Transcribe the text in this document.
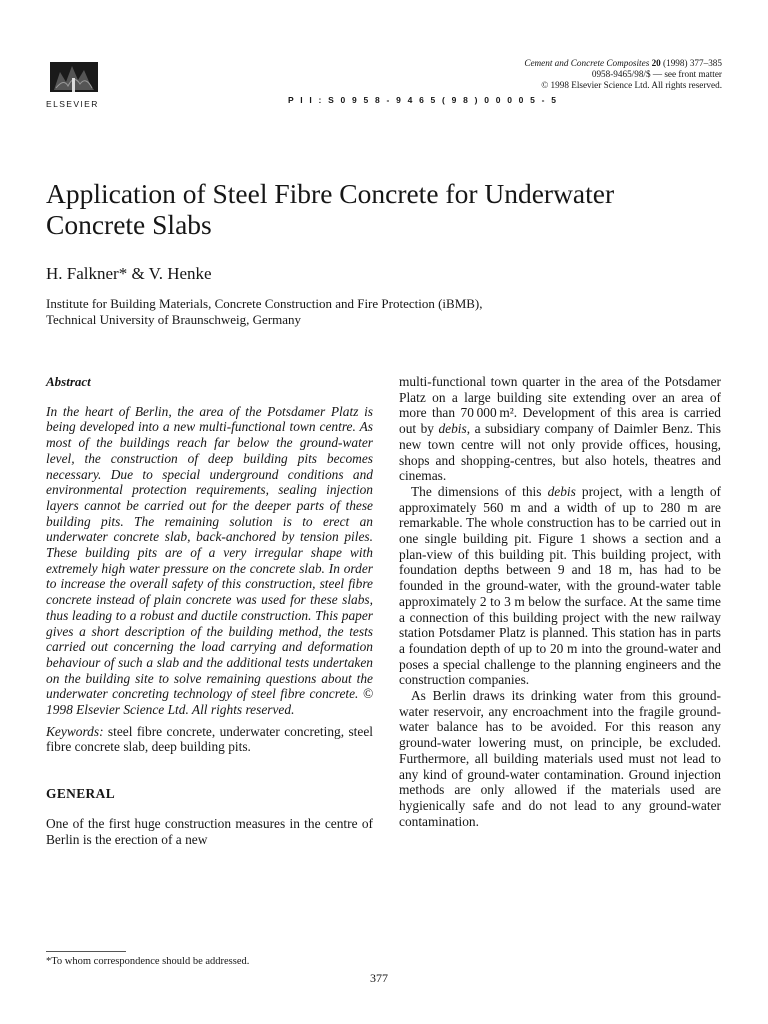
ELSEVIER	P I I : S 0 9 5 8 - 9 4 6 5 ( 9 8 ) 0 0 0 0 5 - 5
Cement and Concrete Composites 20 (1998) 377–385
0958-9465/98/$ — see front matter
© 1998 Elsevier Science Ltd. All rights reserved.
Application of Steel Fibre Concrete for Underwater Concrete Slabs
H. Falkner* & V. Henke
Institute for Building Materials, Concrete Construction and Fire Protection (iBMB),
Technical University of Braunschweig, Germany
Abstract
In the heart of Berlin, the area of the Potsdamer Platz is being developed into a new multi-functional town centre. As most of the buildings reach far below the ground-water level, the construction of deep building pits becomes necessary. Due to special underground conditions and environmental protection requirements, sealing injection layers cannot be carried out for the deeper parts of these building pits. The remaining solution is to erect an underwater concrete slab, back-anchored by tension piles. These building pits are of a very irregular shape with extremely high water pressure on the concrete slab. In order to increase the overall safety of this construction, steel fibre concrete instead of plain concrete was used for these slabs, thus leading to a robust and ductile construction. This paper gives a short description of the building method, the tests carried out concerning the load carrying and deformation behaviour of such a slab and the additional tests undertaken on the building site to solve remaining questions about the underwater concreting technology of steel fibre concrete. © 1998 Elsevier Science Ltd. All rights reserved.
Keywords: steel fibre concrete, underwater concreting, steel fibre concrete slab, deep building pits.
GENERAL
One of the first huge construction measures in the centre of Berlin is the erection of a new
multi-functional town quarter in the area of the Potsdamer Platz on a large building site extending over an area of more than 70 000 m². Development of this area is carried out by debis, a subsidiary company of Daimler Benz. This new town centre will not only provide offices, housing, shops and shopping-centres, but also hotels, theatres and cinemas.
The dimensions of this debis project, with a length of approximately 560 m and a width of up to 280 m are remarkable. The whole construction has to be carried out in one single building pit. Figure 1 shows a section and a plan-view of this building pit. This building project, with foundation depths between 9 and 18 m, has had to be founded in the ground-water, with the ground-water table approximately 2 to 3 m below the surface. At the same time a connection of this building project with the new railway station Potsdamer Platz is planned. This station has in parts a foundation depth of up to 20 m into the ground-water and poses a special challenge to the planning engineers and the construction companies.
As Berlin draws its drinking water from this ground-water reservoir, any encroachment into the fragile ground-water balance has to be avoided. For this reason any ground-water lowering must, on principle, be excluded. Furthermore, all building materials used must not lead to any kind of ground-water contamination. Ground injection methods are only allowed if the materials used are hygienically safe and do not lead to any ground-water contamination.
*To whom correspondence should be addressed.
377
